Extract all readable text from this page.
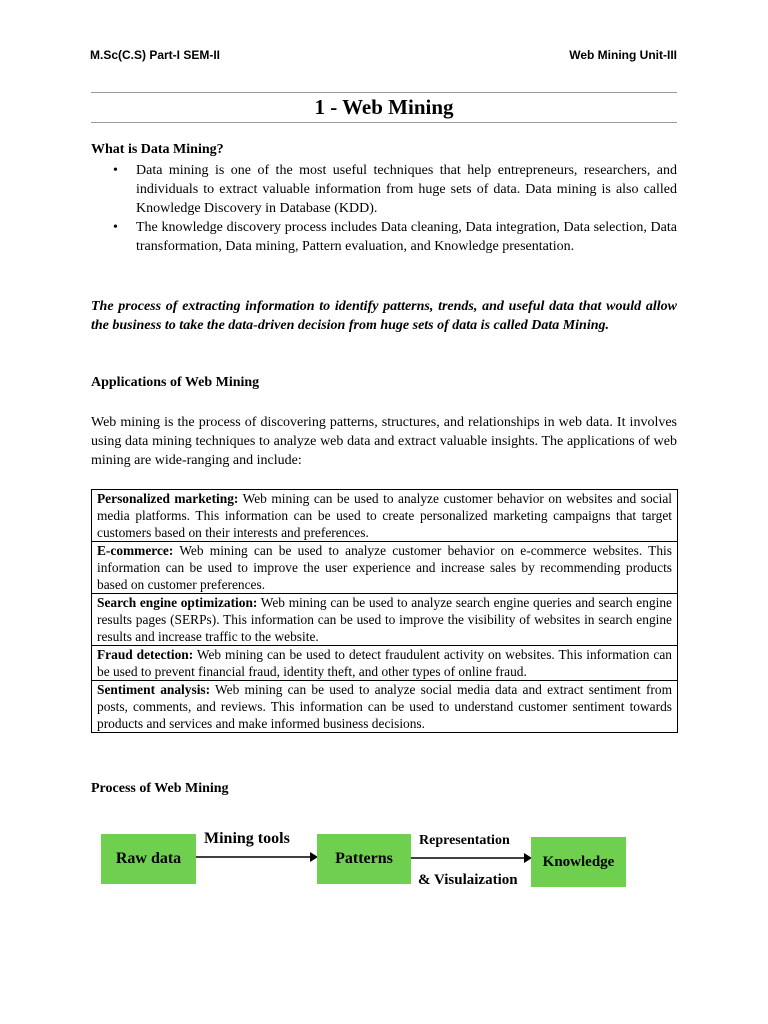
M.Sc(C.S) Part-I SEM-II	Web Mining Unit-III
1 - Web Mining
What is Data Mining?
• Data mining is one of the most useful techniques that help entrepreneurs, researchers, and individuals to extract valuable information from huge sets of data. Data mining is also called Knowledge Discovery in Database (KDD).
• The knowledge discovery process includes Data cleaning, Data integration, Data selection, Data transformation, Data mining, Pattern evaluation, and Knowledge presentation.

The process of extracting information to identify patterns, trends, and useful data that would allow the business to take the data-driven decision from huge sets of data is called Data Mining.

Applications of Web Mining

Web mining is the process of discovering patterns, structures, and relationships in web data. It involves using data mining techniques to analyze web data and extract valuable insights. The applications of web mining are wide-ranging and include:

Personalized marketing: Web mining can be used to analyze customer behavior on websites and social media platforms. This information can be used to create personalized marketing campaigns that target customers based on their interests and preferences.
E-commerce: Web mining can be used to analyze customer behavior on e-commerce websites. This information can be used to improve the user experience and increase sales by recommending products based on customer preferences.
Search engine optimization: Web mining can be used to analyze search engine queries and search engine results pages (SERPs). This information can be used to improve the visibility of websites in search engine results and increase traffic to the website.
Fraud detection: Web mining can be used to detect fraudulent activity on websites. This information can be used to prevent financial fraud, identity theft, and other types of online fraud.
Sentiment analysis: Web mining can be used to analyze social media data and extract sentiment from posts, comments, and reviews. This information can be used to understand customer sentiment towards products and services and make informed business decisions.
Process of Web Mining
Raw data
Mining tools
Patterns
Representation
& Visulaization
Knowledge
